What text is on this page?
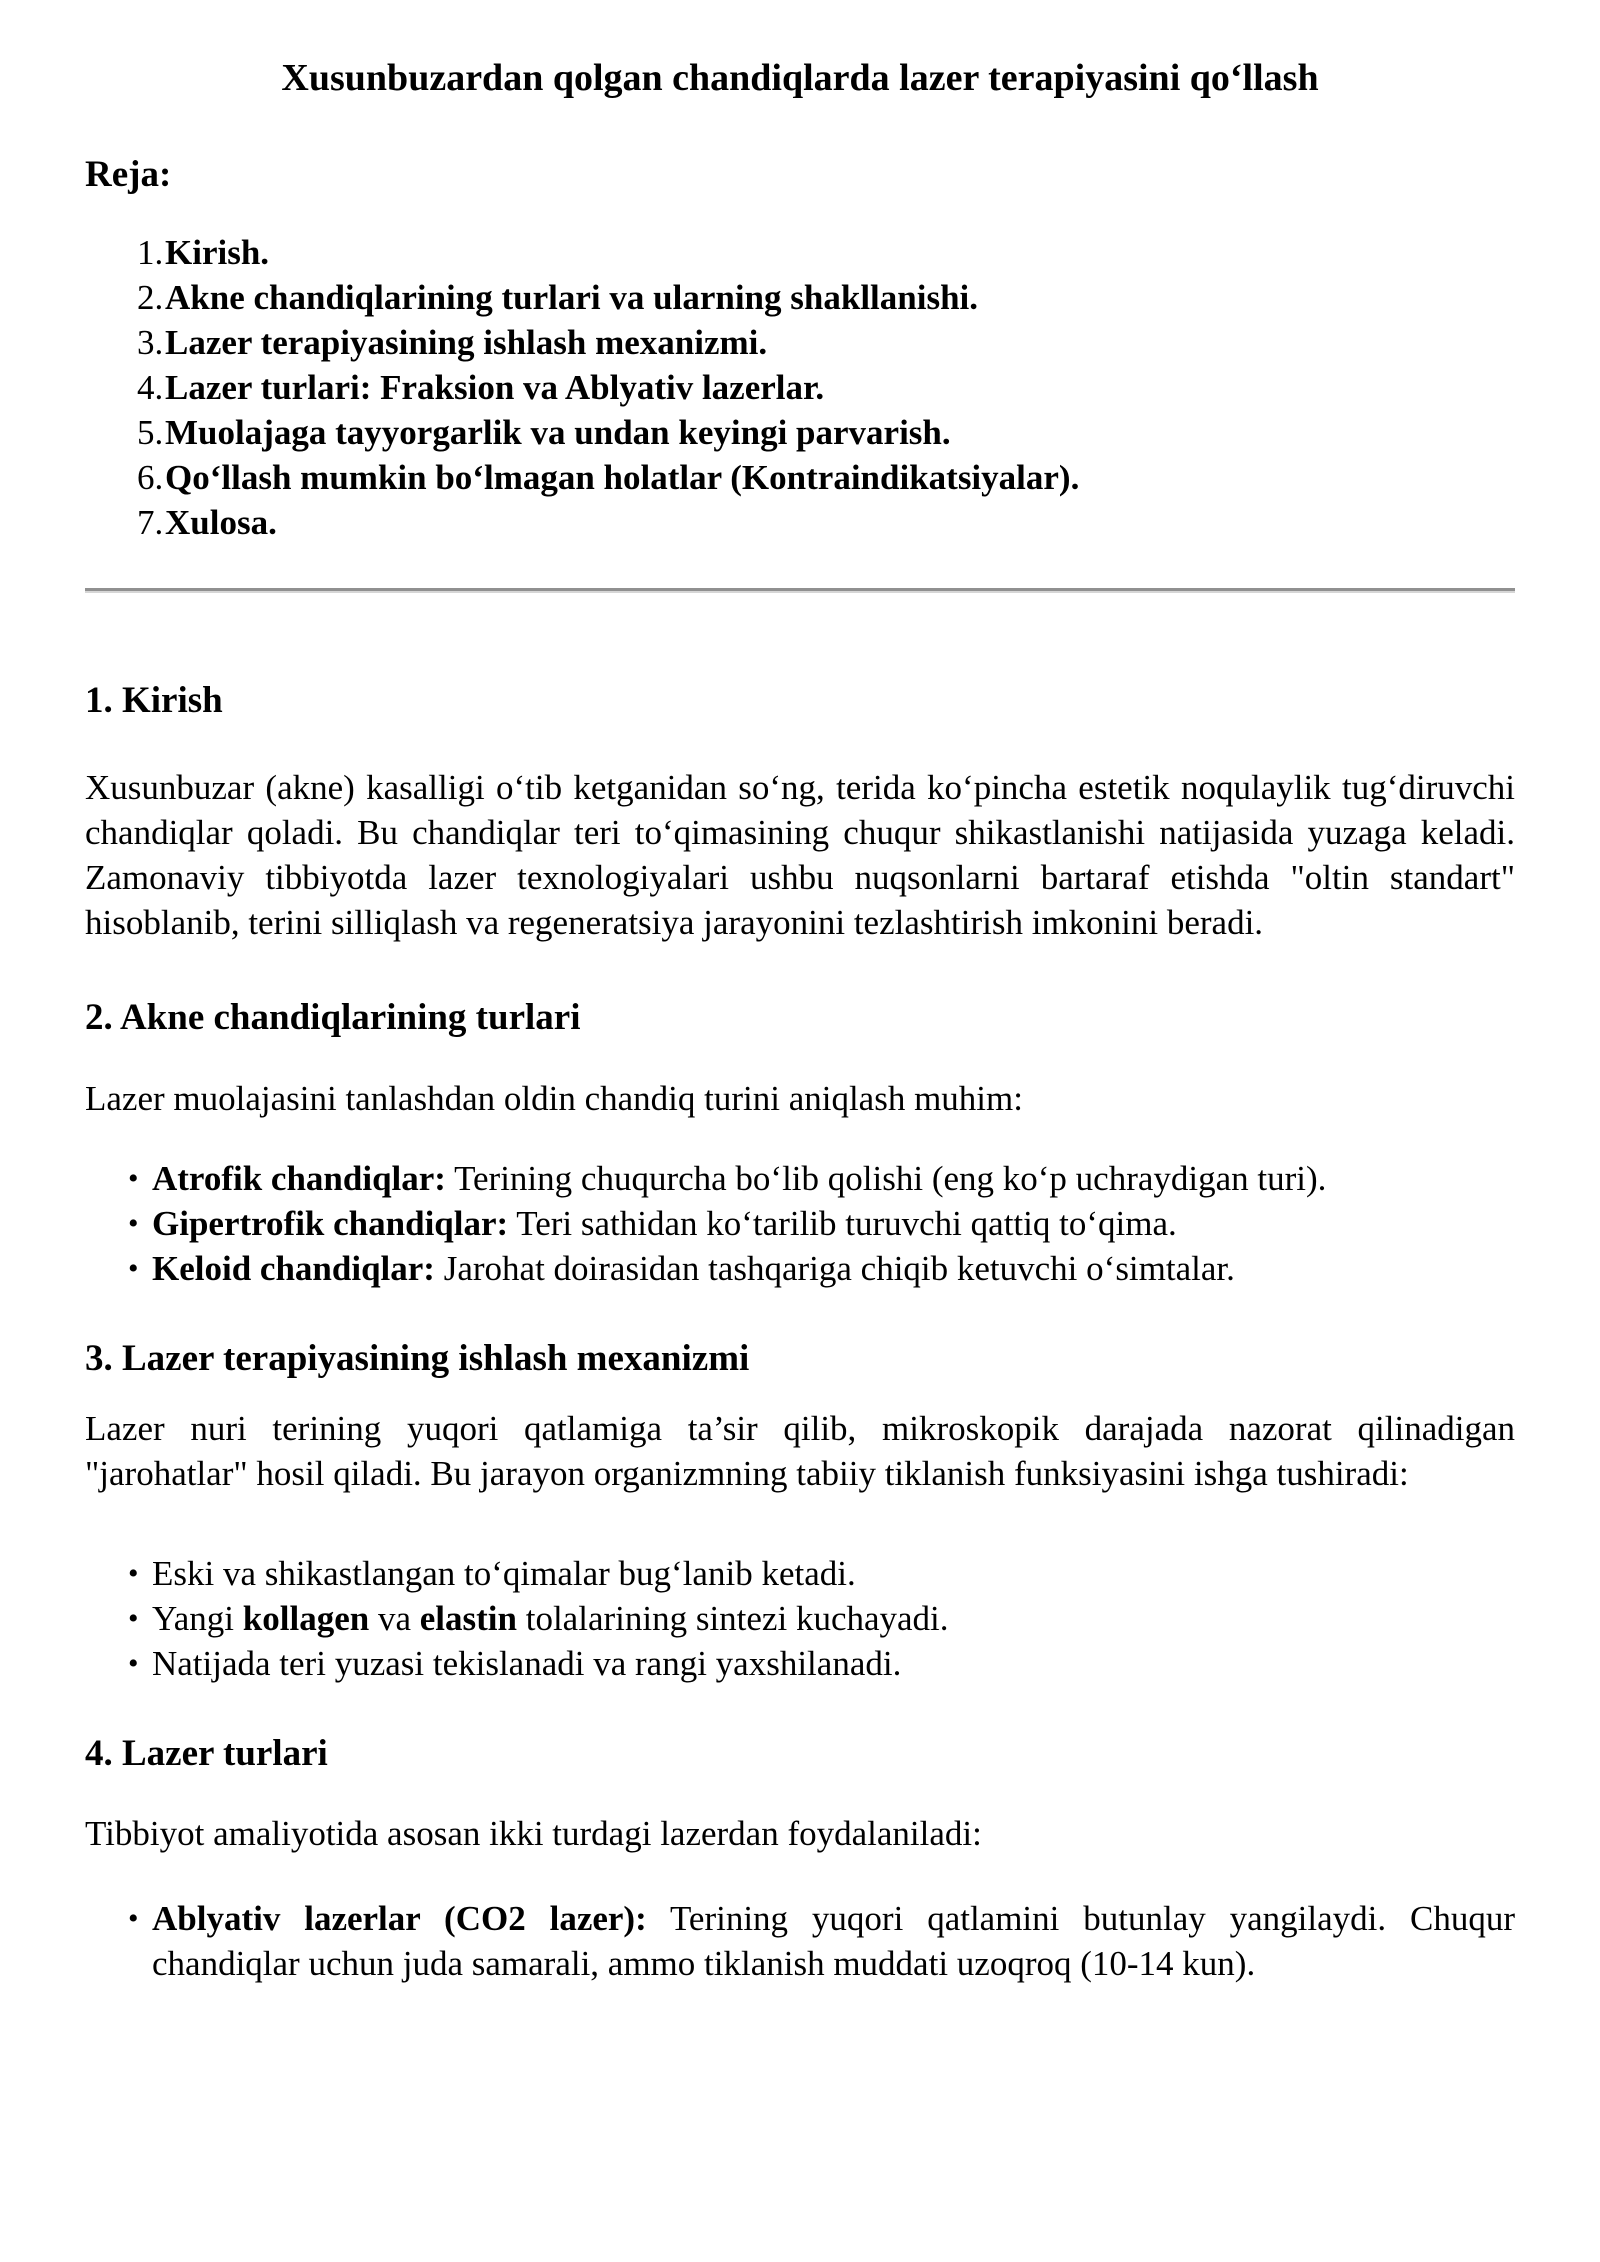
Xusunbuzardan qolgan chandiqlarda lazer terapiyasini qo‘llash
Reja:
1. Kirish.
2. Akne chandiqlarining turlari va ularning shakllanishi.
3. Lazer terapiyasining ishlash mexanizmi.
4. Lazer turlari: Fraksion va Ablyativ lazerlar.
5. Muolajaga tayyorgarlik va undan keyingi parvarish.
6. Qo‘llash mumkin bo‘lmagan holatlar (Kontraindikatsiyalar).
7. Xulosa.
1. Kirish

Xusunbuzar (akne) kasalligi o‘tib ketganidan so‘ng, terida ko‘pincha estetik noqulaylik tug‘diruvchi chandiqlar qoladi. Bu chandiqlar teri to‘qimasining chuqur shikastlanishi natijasida yuzaga keladi. Zamonaviy tibbiyotda lazer texnologiyalari ushbu nuqsonlarni bartaraf etishda "oltin standart" hisoblanib, terini silliqlash va regeneratsiya jarayonini tezlashtirish imkonini beradi.

2. Akne chandiqlarining turlari

Lazer muolajasini tanlashdan oldin chandiq turini aniqlash muhim:

• Atrofik chandiqlar: Terining chuqurcha bo‘lib qolishi (eng ko‘p uchraydigan turi).
• Gipertrofik chandiqlar: Teri sathidan ko‘tarilib turuvchi qattiq to‘qima.
• Keloid chandiqlar: Jarohat doirasidan tashqariga chiqib ketuvchi o‘simtalar.
3. Lazer terapiyasining ishlash mexanizmi

Lazer nuri terining yuqori qatlamiga ta’sir qilib, mikroskopik darajada nazorat qilinadigan "jarohatlar" hosil qiladi. Bu jarayon organizmning tabiiy tiklanish funksiyasini ishga tushiradi:

• Eski va shikastlangan to‘qimalar bug‘lanib ketadi.
• Yangi kollagen va elastin tolalarining sintezi kuchayadi.
• Natijada teri yuzasi tekislanadi va rangi yaxshilanadi.
4. Lazer turlari

Tibbiyot amaliyotida asosan ikki turdagi lazerdan foydalaniladi:

• Ablyativ lazerlar (CO2 lazer): Terining yuqori qatlamini butunlay yangilaydi. Chuqur chandiqlar uchun juda samarali, ammo tiklanish muddati uzoqroq (10-14 kun).
